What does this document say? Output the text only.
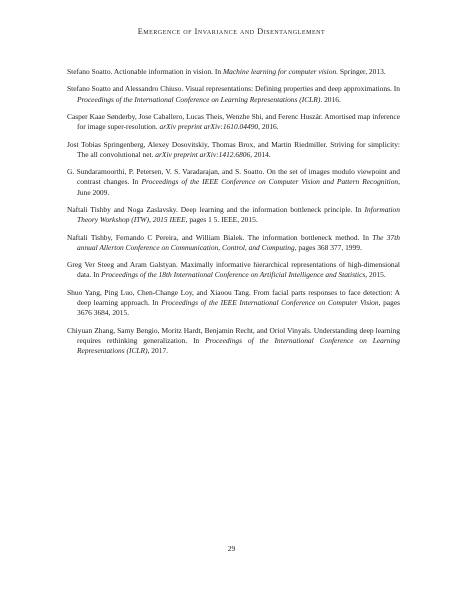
Emergence of Invariance and Disentanglement

Stefano Soatto. Actionable information in vision. In Machine learning for computer vision. Springer, 2013.

Stefano Soatto and Alessandro Chiuso. Visual representations: Defining properties and deep approximations. In Proceedings of the International Conference on Learning Representations (ICLR). 2016.

Casper Kaae Sønderby, Jose Caballero, Lucas Theis, Wenzhe Shi, and Ferenc Huszár. Amortised map inference for image super-resolution. arXiv preprint arXiv:1610.04490, 2016.

Jost Tobias Springenberg, Alexey Dosovitskiy, Thomas Brox, and Martin Riedmiller. Striving for simplicity: The all convolutional net. arXiv preprint arXiv:1412.6806, 2014.

G. Sundaramoorthi, P. Petersen, V. S. Varadarajan, and S. Soatto. On the set of images modulo viewpoint and contrast changes. In Proceedings of the IEEE Conference on Computer Vision and Pattern Recognition, June 2009.

Naftali Tishby and Noga Zaslavsky. Deep learning and the information bottleneck principle. In Information Theory Workshop (ITW), 2015 IEEE, pages 1 5. IEEE, 2015.

Naftali Tishby, Fernando C Pereira, and William Bialek. The information bottleneck method. In The 37th annual Allerton Conference on Communication, Control, and Computing, pages 368 377, 1999.

Greg Ver Steeg and Aram Galstyan. Maximally informative hierarchical representations of high-dimensional data. In Proceedings of the 18th International Conference on Artificial Intelligence and Statistics, 2015.

Shuo Yang, Ping Luo, Chen-Change Loy, and Xiaoou Tang. From facial parts responses to face detection: A deep learning approach. In Proceedings of the IEEE International Conference on Computer Vision, pages 3676 3684, 2015.

Chiyuan Zhang, Samy Bengio, Moritz Hardt, Benjamin Recht, and Oriol Vinyals. Understanding deep learning requires rethinking generalization. In Proceedings of the International Conference on Learning Representations (ICLR), 2017.

29
